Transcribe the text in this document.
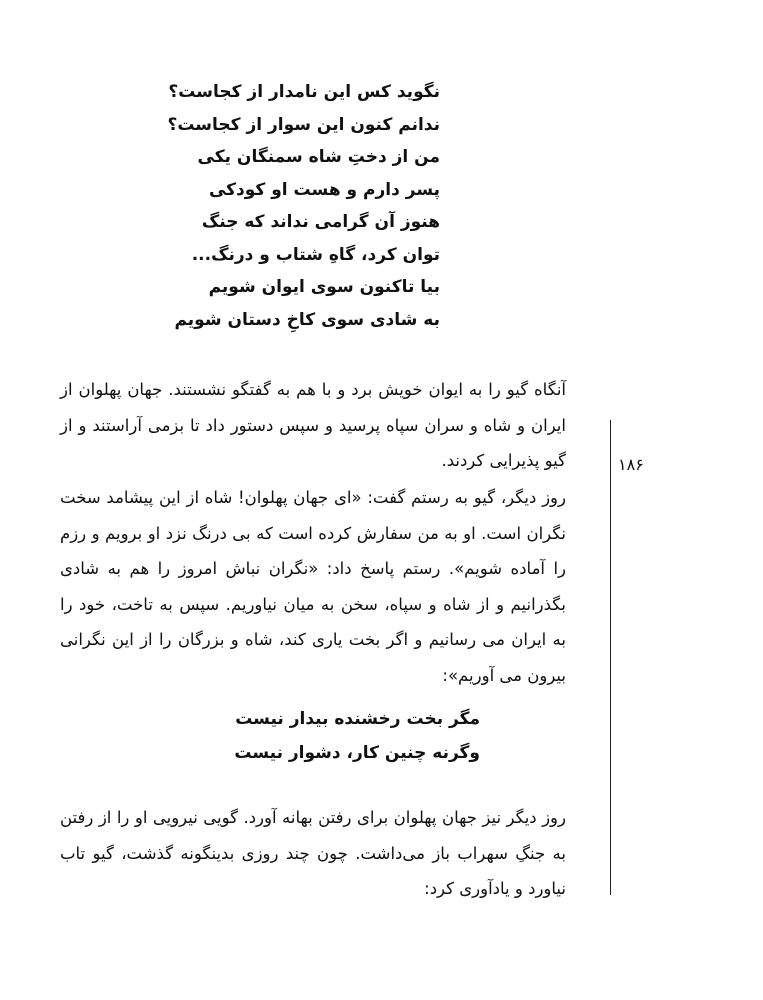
نگوید کس این نامدار از کجاست؟
ندانم کنون این سوار از کجاست؟
من از دختِ شاه سمنگان یکی
پسر دارم و هست او کودکی
هنوز آن گرامی نداند که جنگ
توان کرد، گاهِ شتاب و درنگ...
بیا تاکنون سوی ایوان شویم
به شادی سوی کاخِ دستان شویم
آنگاه گیو را به ایوان خویش برد و با هم به گفتگو نشستند. جهان پهلوان از ایران و شاه و سران سپاه پرسید و سپس دستور داد تا بزمی آراستند و از گیو پذیرایی کردند.
روز دیگر، گیو به رستم گفت: «ای جهان پهلوان! شاه از این پیشامد سخت نگران است. او به من سفارش کرده است که بی درنگ نزد او برویم و رزم را آماده شویم». رستم پاسخ داد: «نگران نباش امروز را هم به شادی بگذرانیم و از شاه و سپاه، سخن به میان نیاوریم. سپس به تاخت، خود را به ایران می رسانیم و اگر بخت یاری کند، شاه و بزرگان را از این نگرانی بیرون می آوریم»:
مگر بخت رخشنده بیدار نیست
وگرنه چنین کار، دشوار نیست
روز دیگر نیز جهان پهلوان برای رفتن بهانه آورد. گویی نیرویی او را از رفتن به جنگِ سهراب باز می‌داشت. چون چند روزی بدینگونه گذشت، گیو تاب نیاورد و یادآوری کرد:
۱۸۶
